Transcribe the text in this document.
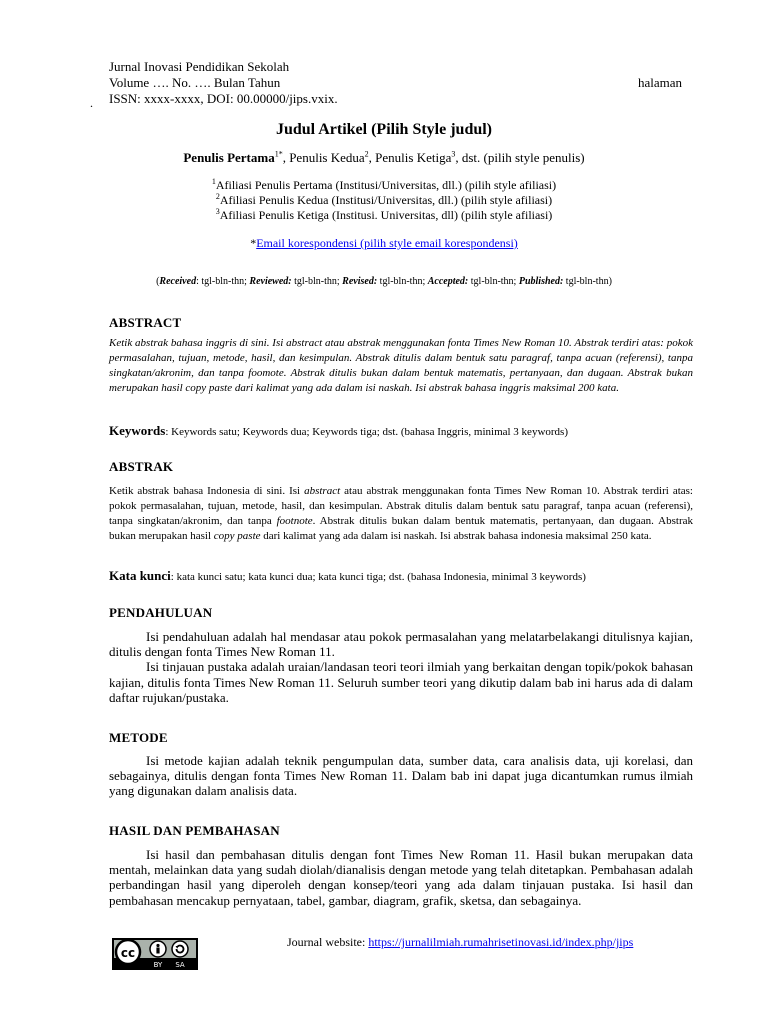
Jurnal Inovasi Pendidikan Sekolah
Volume …. No. …. Bulan Tahun	halaman
ISSN: xxxx-xxxx, DOI: 00.00000/jips.vxix.
.
Judul Artikel (Pilih Style judul)
Penulis Pertama$^{1*}$, Penulis Kedua$^2$, Penulis Ketiga$^3$, dst. (pilih style penulis)
$^1$Afiliasi Penulis Pertama (Institusi/Universitas, dll.) (pilih style afiliasi)
$^2$Afiliasi Penulis Kedua (Institusi/Universitas, dll.) (pilih style afiliasi)
$^3$Afiliasi Penulis Ketiga (Institusi. Universitas, dll) (pilih style afiliasi)
*Email korespondensi (pilih style email korespondensi)
(Received: tgl-bln-thn; Reviewed: tgl-bln-thn; Revised: tgl-bln-thn; Accepted: tgl-bln-thn; Published: tgl-bln-thn)
ABSTRACT
Ketik abstrak bahasa inggris di sini. Isi abstract atau abstrak menggunakan fonta Times New Roman 10. Abstrak terdiri atas: pokok permasalahan, tujuan, metode, hasil, dan kesimpulan. Abstrak ditulis dalam bentuk satu paragraf, tanpa acuan (referensi), tanpa singkatan/akronim, dan tanpa foomote. Abstrak ditulis bukan dalam bentuk matematis, pertanyaan, dan dugaan. Abstrak bukan merupakan hasil copy paste dari kalimat yang ada dalam isi naskah. Isi abstrak bahasa inggris maksimal 200 kata.
Keywords: Keywords satu; Keywords dua; Keywords tiga; dst. (bahasa Inggris, minimal 3 keywords)
ABSTRAK
Ketik abstrak bahasa Indonesia di sini. Isi abstract atau abstrak menggunakan fonta Times New Roman 10. Abstrak terdiri atas: pokok permasalahan, tujuan, metode, hasil, dan kesimpulan. Abstrak ditulis dalam bentuk satu paragraf, tanpa acuan (referensi), tanpa singkatan/akronim, dan tanpa footnote. Abstrak ditulis bukan dalam bentuk matematis, pertanyaan, dan dugaan. Abstrak bukan merupakan hasil copy paste dari kalimat yang ada dalam isi naskah. Isi abstrak bahasa indonesia maksimal 250 kata.
Kata kunci: kata kunci satu; kata kunci dua; kata kunci tiga; dst. (bahasa Indonesia, minimal 3 keywords)
PENDAHULUAN
Isi pendahuluan adalah hal mendasar atau pokok permasalahan yang melatarbelakangi ditulisnya kajian, ditulis dengan fonta Times New Roman 11.
Isi tinjauan pustaka adalah uraian/landasan teori teori ilmiah yang berkaitan dengan topik/pokok bahasan kajian, ditulis fonta Times New Roman 11. Seluruh sumber teori yang dikutip dalam bab ini harus ada di dalam daftar rujukan/pustaka.
METODE
Isi metode kajian adalah teknik pengumpulan data, sumber data, cara analisis data, uji korelasi, dan sebagainya, ditulis dengan fonta Times New Roman 11. Dalam bab ini dapat juga dicantumkan rumus ilmiah yang digunakan dalam analisis data.
HASIL DAN PEMBAHASAN
Isi hasil dan pembahasan ditulis dengan font Times New Roman 11. Hasil bukan merupakan data mentah, melainkan data yang sudah diolah/dianalisis dengan metode yang telah ditetapkan. Pembahasan adalah perbandingan hasil yang diperoleh dengan konsep/teori yang ada dalam tinjauan pustaka. Isi hasil dan pembahasan mencakup pernyataan, tabel, gambar, diagram, grafik, sketsa, dan sebagainya.
cc
BY SA
Journal website: https://jurnalilmiah.rumahrisetinovasi.id/index.php/jips
